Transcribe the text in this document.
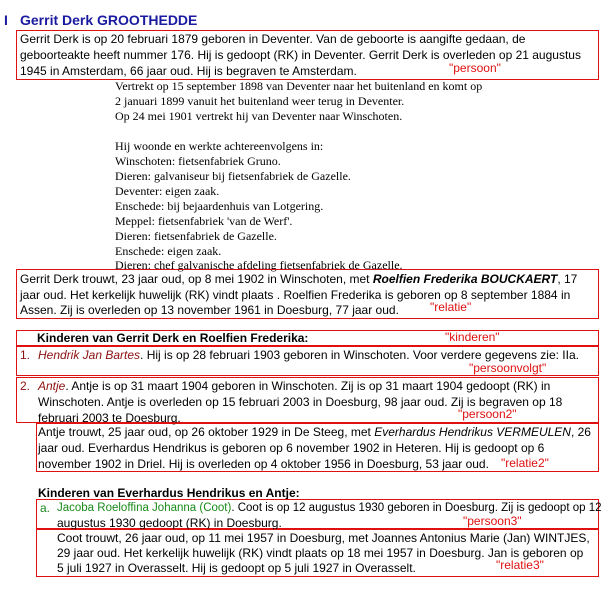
I Gerrit Derk GROOTHEDDE
Gerrit Derk is op 20 februari 1879 geboren in Deventer. Van de geboorte is aangifte gedaan, de
geboorteakte heeft nummer 176. Hij is gedoopt (RK) in Deventer. Gerrit Derk is overleden op 21 augustus
1945 in Amsterdam, 66 jaar oud. Hij is begraven te Amsterdam.	"persoon"
Vertrekt op 15 september 1898 van Deventer naar het buitenland en komt op
2 januari 1899 vanuit het buitenland weer terug in Deventer.
Op 24 mei 1901 vertrekt hij van Deventer naar Winschoten.
Hij woonde en werkte achtereenvolgens in:
Winschoten: fietsenfabriek Gruno.
Dieren: galvaniseur bij fietsenfabriek de Gazelle.
Deventer: eigen zaak.
Enschede: bij bejaardenhuis van Lotgering.
Meppel: fietsenfabriek 'van de Werf'.
Dieren: fietsenfabriek de Gazelle.
Enschede: eigen zaak.
Dieren: chef galvanische afdeling fietsenfabriek de Gazelle.
Gerrit Derk trouwt, 23 jaar oud, op 8 mei 1902 in Winschoten, met Roelfien Frederika BOUCKAERT, 17
jaar oud. Het kerkelijk huwelijk (RK) vindt plaats . Roelfien Frederika is geboren op 8 september 1884 in
Assen. Zij is overleden op 13 november 1961 in Doesburg, 77 jaar oud.	"relatie"
Kinderen van Gerrit Derk en Roelfien Frederika:	"kinderen"
1. Hendrik Jan Bartes. Hij is op 28 februari 1903 geboren in Winschoten. Voor verdere gegevens zie: IIa.
"persoonvolgt"
2. Antje. Antje is op 31 maart 1904 geboren in Winschoten. Zij is op 31 maart 1904 gedoopt (RK) in
Winschoten. Antje is overleden op 15 februari 2003 in Doesburg, 98 jaar oud. Zij is begraven op 18
februari 2003 te Doesburg.	"persoon2"
Antje trouwt, 25 jaar oud, op 26 oktober 1929 in De Steeg, met Everhardus Hendrikus VERMEULEN, 26
jaar oud. Everhardus Hendrikus is geboren op 6 november 1902 in Heteren. Hij is gedoopt op 6
november 1902 in Driel. Hij is overleden op 4 oktober 1956 in Doesburg, 53 jaar oud. "relatie2"
Kinderen van Everhardus Hendrikus en Antje:
a. Jacoba Roeloffina Johanna (Coot). Coot is op 12 augustus 1930 geboren in Doesburg. Zij is gedoopt op 12
augustus 1930 gedoopt (RK) in Doesburg.	"persoon3"
Coot trouwt, 26 jaar oud, op 11 mei 1957 in Doesburg, met Joannes Antonius Marie (Jan) WINTJES,
29 jaar oud. Het kerkelijk huwelijk (RK) vindt plaats op 18 mei 1957 in Doesburg. Jan is geboren op
5 juli 1927 in Overasselt. Hij is gedoopt op 5 juli 1927 in Overasselt.	"relatie3"
